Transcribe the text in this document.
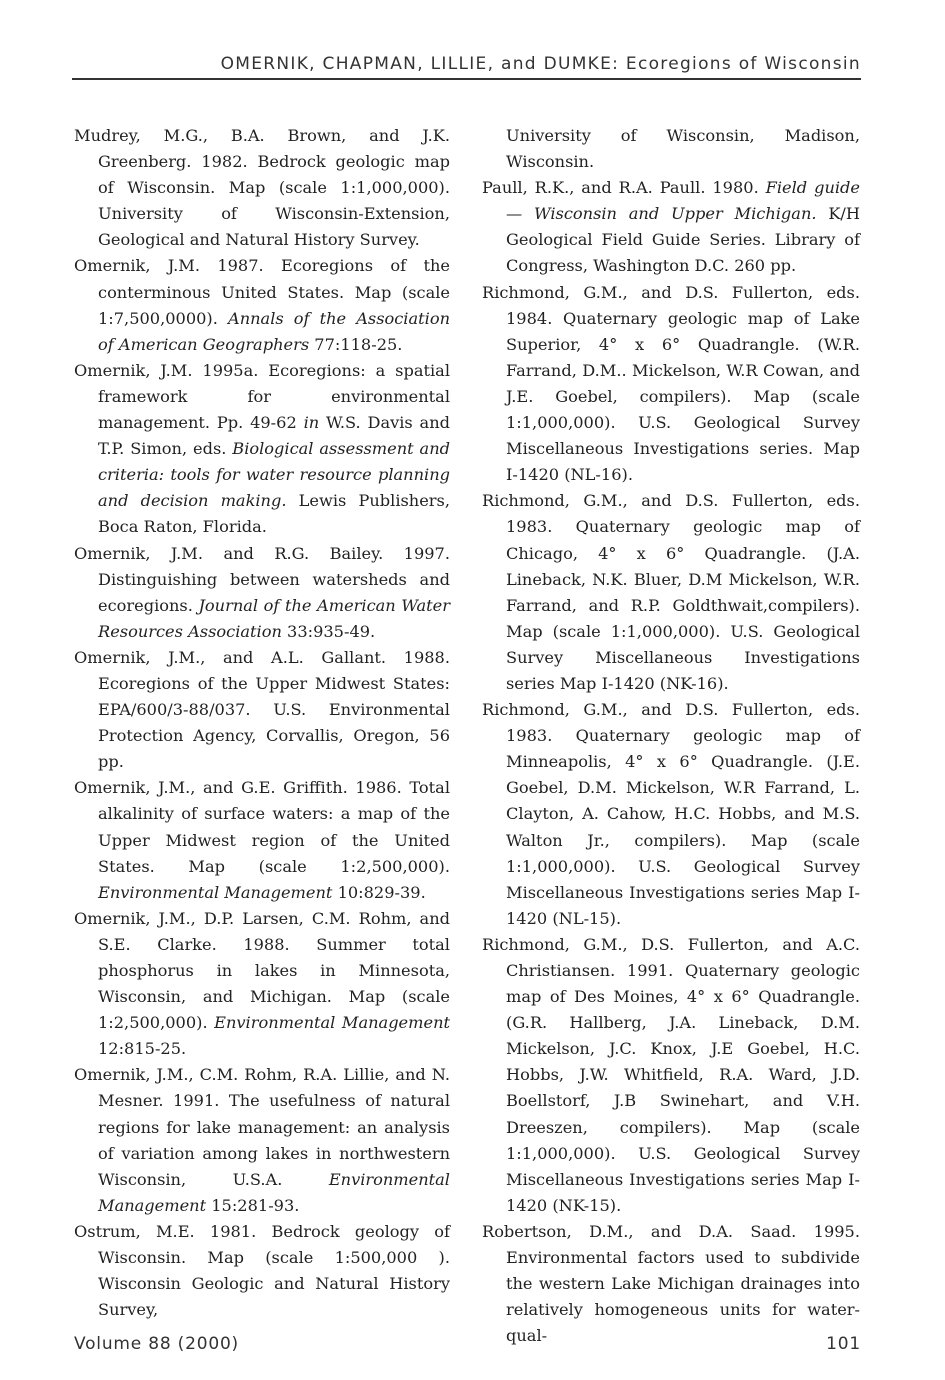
OMERNIK, CHAPMAN, LILLIE, and DUMKE: Ecoregions of Wisconsin

Mudrey, M.G., B.A. Brown, and J.K. Greenberg. 1982. Bedrock geologic map of Wisconsin. Map (scale 1:1,000,000). University of Wisconsin-Extension, Geological and Natural History Survey.

Omernik, J.M. 1987. Ecoregions of the conterminous United States. Map (scale 1:7,500,0000). Annals of the Association of American Geographers 77:118-25.

Omernik, J.M. 1995a. Ecoregions: a spatial framework for environmental management. Pp. 49-62 in W.S. Davis and T.P. Simon, eds. Biological assessment and criteria: tools for water resource planning and decision making. Lewis Publishers, Boca Raton, Florida.

Omernik, J.M. and R.G. Bailey. 1997. Distinguishing between watersheds and ecoregions. Journal of the American Water Resources Association 33:935-49.

Omernik, J.M., and A.L. Gallant. 1988. Ecoregions of the Upper Midwest States: EPA/600/3-88/037. U.S. Environmental Protection Agency, Corvallis, Oregon, 56 pp.

Omernik, J.M., and G.E. Griffith. 1986. Total alkalinity of surface waters: a map of the Upper Midwest region of the United States. Map (scale 1:2,500,000). Environmental Management 10:829-39.

Omernik, J.M., D.P. Larsen, C.M. Rohm, and S.E. Clarke. 1988. Summer total phosphorus in lakes in Minnesota, Wisconsin, and Michigan. Map (scale 1:2,500,000). Environmental Management 12:815-25.

Omernik, J.M., C.M. Rohm, R.A. Lillie, and N. Mesner. 1991. The usefulness of natural regions for lake management: an analysis of variation among lakes in northwestern Wisconsin, U.S.A. Environmental Management 15:281-93.

Ostrum, M.E. 1981. Bedrock geology of Wisconsin. Map (scale 1:500,000 ). Wisconsin Geologic and Natural History Survey,

University of Wisconsin, Madison, Wisconsin.

Paull, R.K., and R.A. Paull. 1980. Field guide — Wisconsin and Upper Michigan. K/H Geological Field Guide Series. Library of Congress, Washington D.C. 260 pp.

Richmond, G.M., and D.S. Fullerton, eds. 1984. Quaternary geologic map of Lake Superior, 4° x 6° Quadrangle. (W.R. Farrand, D.M.. Mickelson, W.R Cowan, and J.E. Goebel, compilers). Map (scale 1:1,000,000). U.S. Geological Survey Miscellaneous Investigations series. Map I-1420 (NL-16).

Richmond, G.M., and D.S. Fullerton, eds. 1983. Quaternary geologic map of Chicago, 4° x 6° Quadrangle. (J.A. Lineback, N.K. Bluer, D.M Mickelson, W.R. Farrand, and R.P. Goldthwait,compilers). Map (scale 1:1,000,000). U.S. Geological Survey Miscellaneous Investigations series Map I-1420 (NK-16).

Richmond, G.M., and D.S. Fullerton, eds. 1983. Quaternary geologic map of Minneapolis, 4° x 6° Quadrangle. (J.E. Goebel, D.M. Mickelson, W.R Farrand, L. Clayton, A. Cahow, H.C. Hobbs, and M.S. Walton Jr., compilers). Map (scale 1:1,000,000). U.S. Geological Survey Miscellaneous Investigations series Map I-1420 (NL-15).

Richmond, G.M., D.S. Fullerton, and A.C. Christiansen. 1991. Quaternary geologic map of Des Moines, 4° x 6° Quadrangle. (G.R. Hallberg, J.A. Lineback, D.M. Mickelson, J.C. Knox, J.E Goebel, H.C. Hobbs, J.W. Whitfield, R.A. Ward, J.D. Boellstorf, J.B Swinehart, and V.H. Dreeszen, compilers). Map (scale 1:1,000,000). U.S. Geological Survey Miscellaneous Investigations series Map I-1420 (NK-15).

Robertson, D.M., and D.A. Saad. 1995. Environmental factors used to subdivide the western Lake Michigan drainages into relatively homogeneous units for water-qual-

Volume 88 (2000)	101
